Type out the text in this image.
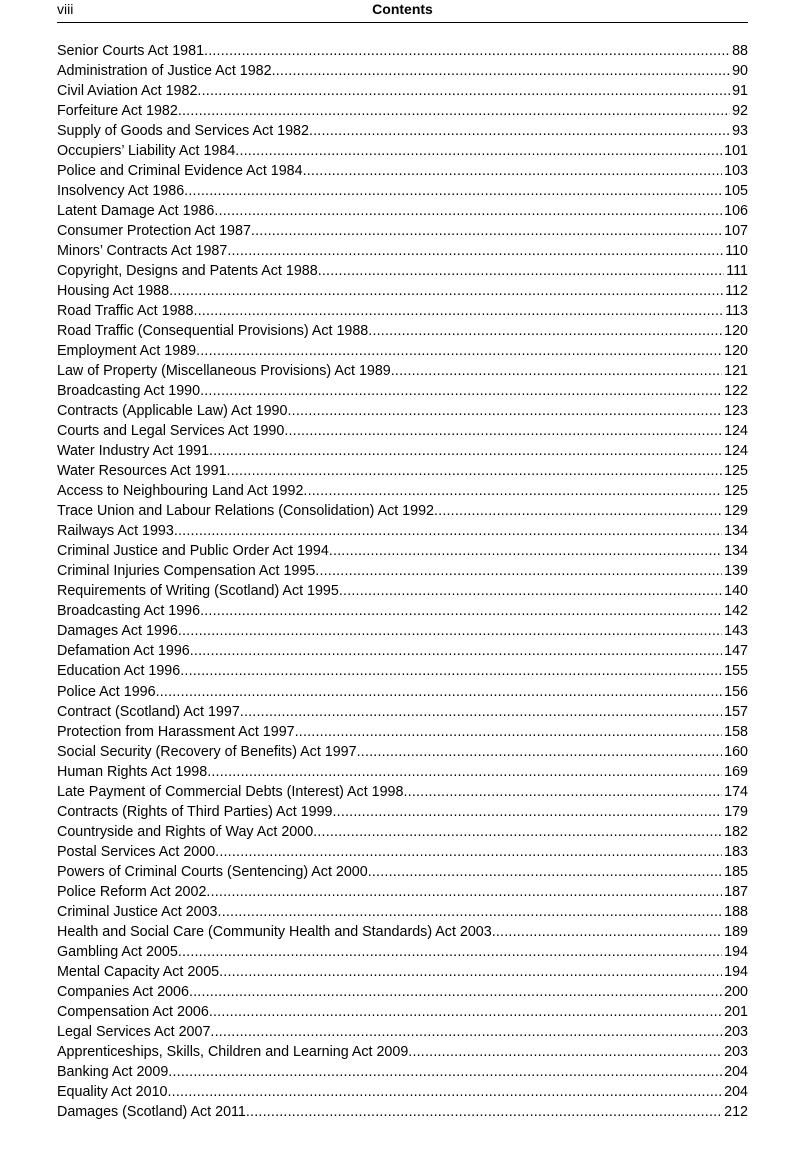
viii	Contents
Senior Courts Act 1981 .....	88
Administration of Justice Act 1982 .....	90
Civil Aviation Act 1982 .....	91
Forfeiture Act 1982 .....	92
Supply of Goods and Services Act 1982 .....	93
Occupiers’ Liability Act 1984 .....	101
Police and Criminal Evidence Act 1984 .....	103
Insolvency Act 1986 .....	105
Latent Damage Act 1986 .....	106
Consumer Protection Act 1987 .....	107
Minors’ Contracts Act 1987 .....	110
Copyright, Designs and Patents Act 1988 .....	111
Housing Act 1988 .....	112
Road Traffic Act 1988 .....	113
Road Traffic (Consequential Provisions) Act 1988 .....	120
Employment Act 1989 .....	120
Law of Property (Miscellaneous Provisions) Act 1989 .....	121
Broadcasting Act 1990 .....	122
Contracts (Applicable Law) Act 1990 .....	123
Courts and Legal Services Act 1990 .....	124
Water Industry Act 1991 .....	124
Water Resources Act 1991 .....	125
Access to Neighbouring Land Act 1992 .....	125
Trace Union and Labour Relations (Consolidation) Act 1992 .....	129
Railways Act 1993 .....	134
Criminal Justice and Public Order Act 1994 .....	134
Criminal Injuries Compensation Act 1995 .....	139
Requirements of Writing (Scotland) Act 1995 .....	140
Broadcasting Act 1996 .....	142
Damages Act 1996 .....	143
Defamation Act 1996 .....	147
Education Act 1996 .....	155
Police Act 1996 .....	156
Contract (Scotland) Act 1997 .....	157
Protection from Harassment Act 1997 .....	158
Social Security (Recovery of Benefits) Act 1997 .....	160
Human Rights Act 1998 .....	169
Late Payment of Commercial Debts (Interest) Act 1998 .....	174
Contracts (Rights of Third Parties) Act 1999 .....	179
Countryside and Rights of Way Act 2000 .....	182
Postal Services Act 2000 .....	183
Powers of Criminal Courts (Sentencing) Act 2000 .....	185
Police Reform Act 2002 .....	187
Criminal Justice Act 2003 .....	188
Health and Social Care (Community Health and Standards) Act 2003 .....	189
Gambling Act 2005 .....	194
Mental Capacity Act 2005 .....	194
Companies Act 2006 .....	200
Compensation Act 2006 .....	201
Legal Services Act 2007 .....	203
Apprenticeships, Skills, Children and Learning Act 2009 .....	203
Banking Act 2009 .....	204
Equality Act 2010 .....	204
Damages (Scotland) Act 2011 .....	212
